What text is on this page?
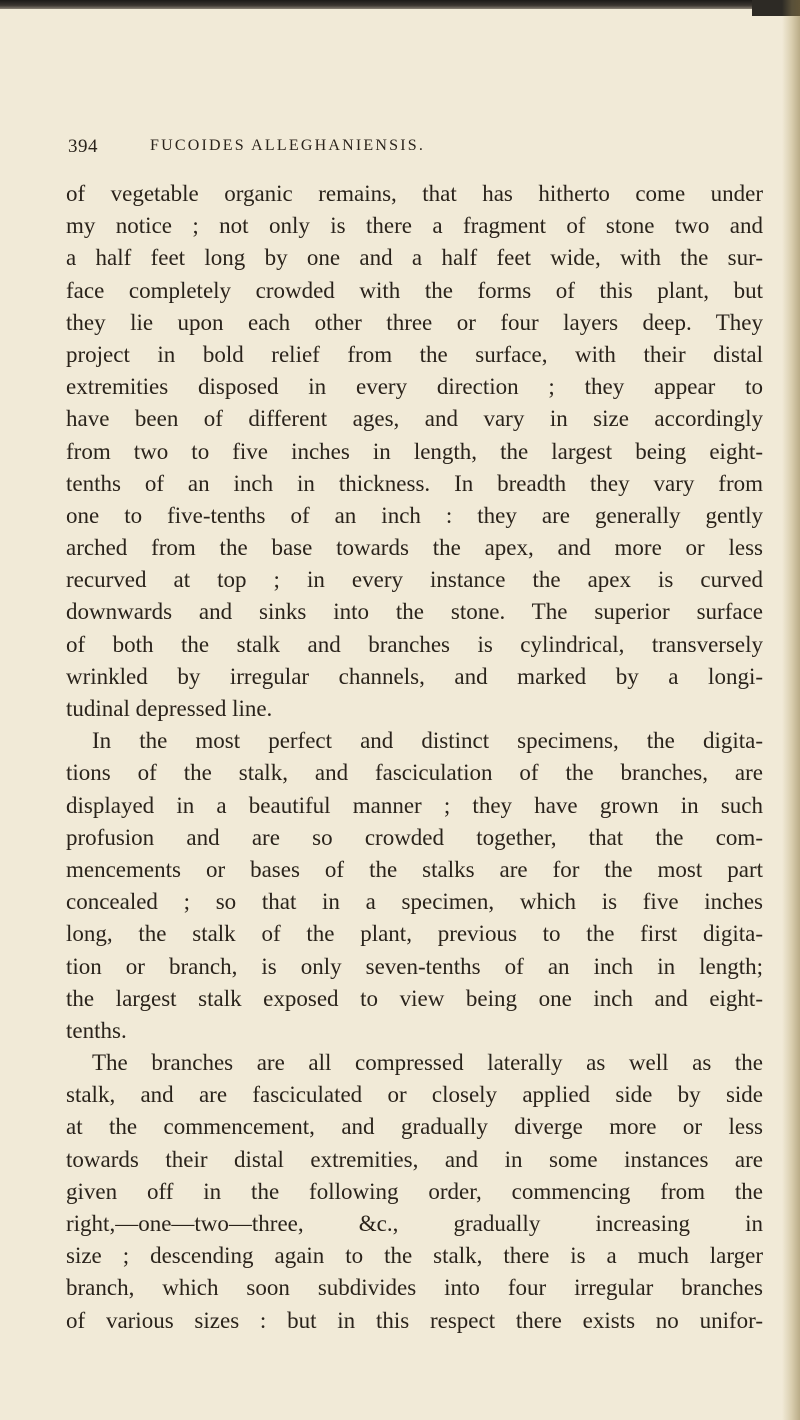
394	FUCOIDES ALLEGHANIENSIS.
of vegetable organic remains, that has hitherto come under
my notice ; not only is there a fragment of stone two and
a half feet long by one and a half feet wide, with the sur-
face completely crowded with the forms of this plant, but
they lie upon each other three or four layers deep. They
project in bold relief from the surface, with their distal
extremities disposed in every direction ; they appear to
have been of different ages, and vary in size accordingly
from two to five inches in length, the largest being eight-
tenths of an inch in thickness. In breadth they vary from
one to five-tenths of an inch : they are generally gently
arched from the base towards the apex, and more or less
recurved at top ; in every instance the apex is curved
downwards and sinks into the stone. The superior surface
of both the stalk and branches is cylindrical, transversely
wrinkled by irregular channels, and marked by a longi-
tudinal depressed line.
In the most perfect and distinct specimens, the digita-
tions of the stalk, and fasciculation of the branches, are
displayed in a beautiful manner ; they have grown in such
profusion and are so crowded together, that the com-
mencements or bases of the stalks are for the most part
concealed ; so that in a specimen, which is five inches
long, the stalk of the plant, previous to the first digita-
tion or branch, is only seven-tenths of an inch in length;
the largest stalk exposed to view being one inch and eight-
tenths.
The branches are all compressed laterally as well as the
stalk, and are fasciculated or closely applied side by side
at the commencement, and gradually diverge more or less
towards their distal extremities, and in some instances are
given off in the following order, commencing from the
right,—one—two—three, &c., gradually increasing in
size ; descending again to the stalk, there is a much larger
branch, which soon subdivides into four irregular branches
of various sizes : but in this respect there exists no unifor-
